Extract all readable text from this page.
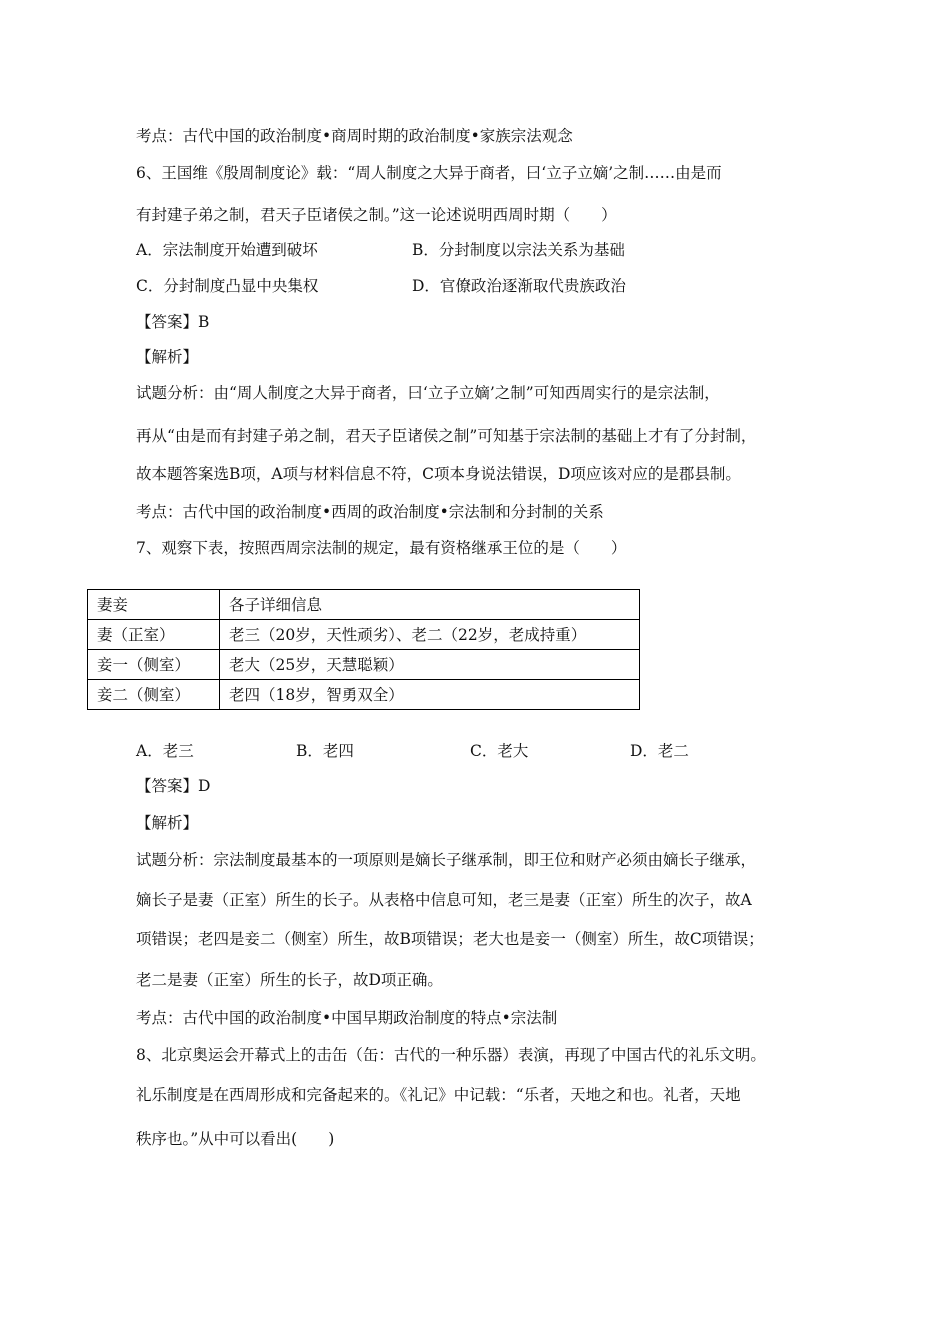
考点：古代中国的政治制度•商周时期的政治制度•家族宗法观念
6、王国维《殷周制度论》载：“周人制度之大异于商者，曰‘立子立嫡’之制……由是而
有封建子弟之制，君天子臣诸侯之制。”这一论述说明西周时期（　　）
A．宗法制度开始遭到破坏	B．分封制度以宗法关系为基础
C．分封制度凸显中央集权	D．官僚政治逐渐取代贵族政治
【答案】B
【解析】
试题分析：由“周人制度之大异于商者，曰‘立子立嫡’之制”可知西周实行的是宗法制，
再从“由是而有封建子弟之制，君天子臣诸侯之制”可知基于宗法制的基础上才有了分封制，
故本题答案选B项，A项与材料信息不符，C项本身说法错误，D项应该对应的是郡县制。
考点：古代中国的政治制度•西周的政治制度•宗法制和分封制的关系
7、观察下表，按照西周宗法制的规定，最有资格继承王位的是（　　）
妻妾	各子详细信息
妻（正室）	老三（20岁，天性顽劣）、老二（22岁，老成持重）
妾一（侧室）	老大（25岁，天慧聪颖）
妾二（侧室）	老四（18岁，智勇双全）
A．老三	B．老四	C．老大	D．老二
【答案】D
【解析】
试题分析：宗法制度最基本的一项原则是嫡长子继承制，即王位和财产必须由嫡长子继承，
嫡长子是妻（正室）所生的长子。从表格中信息可知，老三是妻（正室）所生的次子，故A
项错误；老四是妾二（侧室）所生，故B项错误；老大也是妾一（侧室）所生，故C项错误；
老二是妻（正室）所生的长子，故D项正确。
考点：古代中国的政治制度•中国早期政治制度的特点•宗法制
8、北京奥运会开幕式上的击缶（缶：古代的一种乐器）表演，再现了中国古代的礼乐文明。
礼乐制度是在西周形成和完备起来的。《礼记》中记载：“乐者，天地之和也。礼者，天地
秩序也。”从中可以看出(　　)
